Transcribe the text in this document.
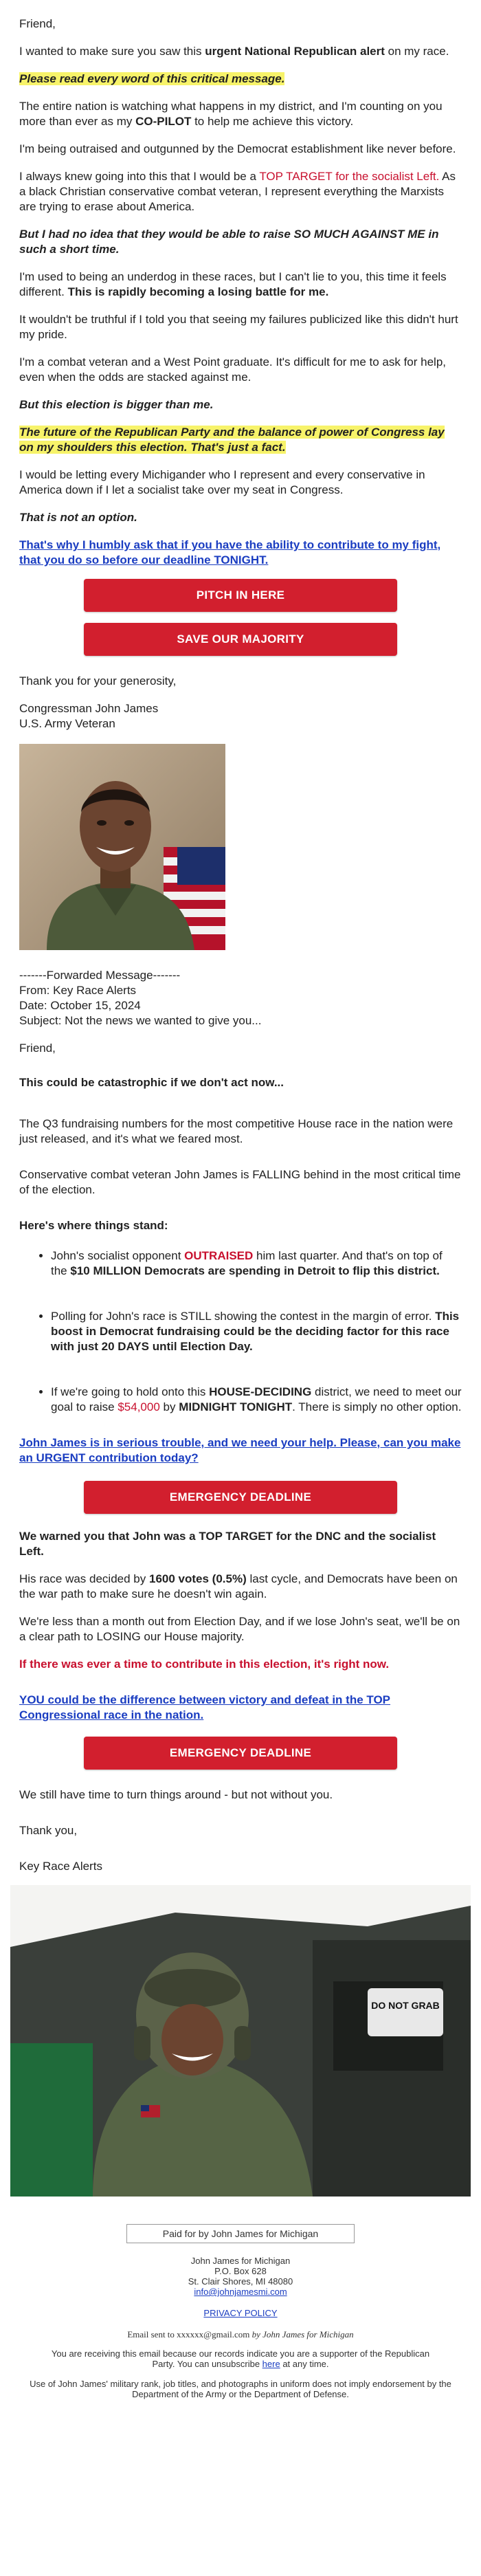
Friend,

I wanted to make sure you saw this urgent National Republican alert on my race.

Please read every word of this critical message.

The entire nation is watching what happens in my district, and I'm counting on you more than ever as my CO-PILOT to help me achieve this victory.

I'm being outraised and outgunned by the Democrat establishment like never before.

I always knew going into this that I would be a TOP TARGET for the socialist Left. As a black Christian conservative combat veteran, I represent everything the Marxists are trying to erase about America.

But I had no idea that they would be able to raise SO MUCH AGAINST ME in such a short time.

I'm used to being an underdog in these races, but I can't lie to you, this time it feels different. This is rapidly becoming a losing battle for me.

It wouldn't be truthful if I told you that seeing my failures publicized like this didn't hurt my pride.

I'm a combat veteran and a West Point graduate. It's difficult for me to ask for help, even when the odds are stacked against me.

But this election is bigger than me.

The future of the Republican Party and the balance of power of Congress lay on my shoulders this election. That's just a fact.

I would be letting every Michigander who I represent and every conservative in America down if I let a socialist take over my seat in Congress.

That is not an option.

That's why I humbly ask that if you have the ability to contribute to my fight, that you do so before our deadline TONIGHT.

PITCH IN HERE
SAVE OUR MAJORITY

Thank you for your generosity,

Congressman John James

U.S. Army Veteran

-------Forwarded Message-------

From: Key Race Alerts

Date: October 15, 2024

Subject: Not the news we wanted to give you...

Friend,

This could be catastrophic if we don't act now...

The Q3 fundraising numbers for the most competitive House race in the nation were just released, and it's what we feared most.

Conservative combat veteran John James is FALLING behind in the most critical time of the election.

Here's where things stand:

• John's socialist opponent OUTRAISED him last quarter. And that's on top of the $10 MILLION Democrats are spending in Detroit to flip this district.
• Polling for John's race is STILL showing the contest in the margin of error. This boost in Democrat fundraising could be the deciding factor for this race with just 20 DAYS until Election Day.
• If we're going to hold onto this HOUSE-DECIDING district, we need to meet our goal to raise $54,000 by MIDNIGHT TONIGHT. There is simply no other option.

John James is in serious trouble, and we need your help. Please, can you make an URGENT contribution today?

EMERGENCY DEADLINE

We warned you that John was a TOP TARGET for the DNC and the socialist Left.

His race was decided by 1600 votes (0.5%) last cycle, and Democrats have been on the war path to make sure he doesn't win again.

We're less than a month out from Election Day, and if we lose John's seat, we'll be on a clear path to LOSING our House majority.

If there was ever a time to contribute in this election, it's right now.

YOU could be the difference between victory and defeat in the TOP Congressional race in the nation.

EMERGENCY DEADLINE

We still have time to turn things around - but not without you.

Thank you,

Key Race Alerts

DO NOT GRAB
Paid for by John James for Michigan
John James for Michigan
P.O. Box 628
St. Clair Shores, MI 48080
info@johnjamesmi.com
PRIVACY POLICY
Email sent to xxxxxx@gmail.com by John James for Michigan
You are receiving this email because our records indicate you are a supporter of the Republican Party. You can unsubscribe here at any time.
Use of John James' military rank, job titles, and photographs in uniform does not imply endorsement by the Department of the Army or the Department of Defense.
